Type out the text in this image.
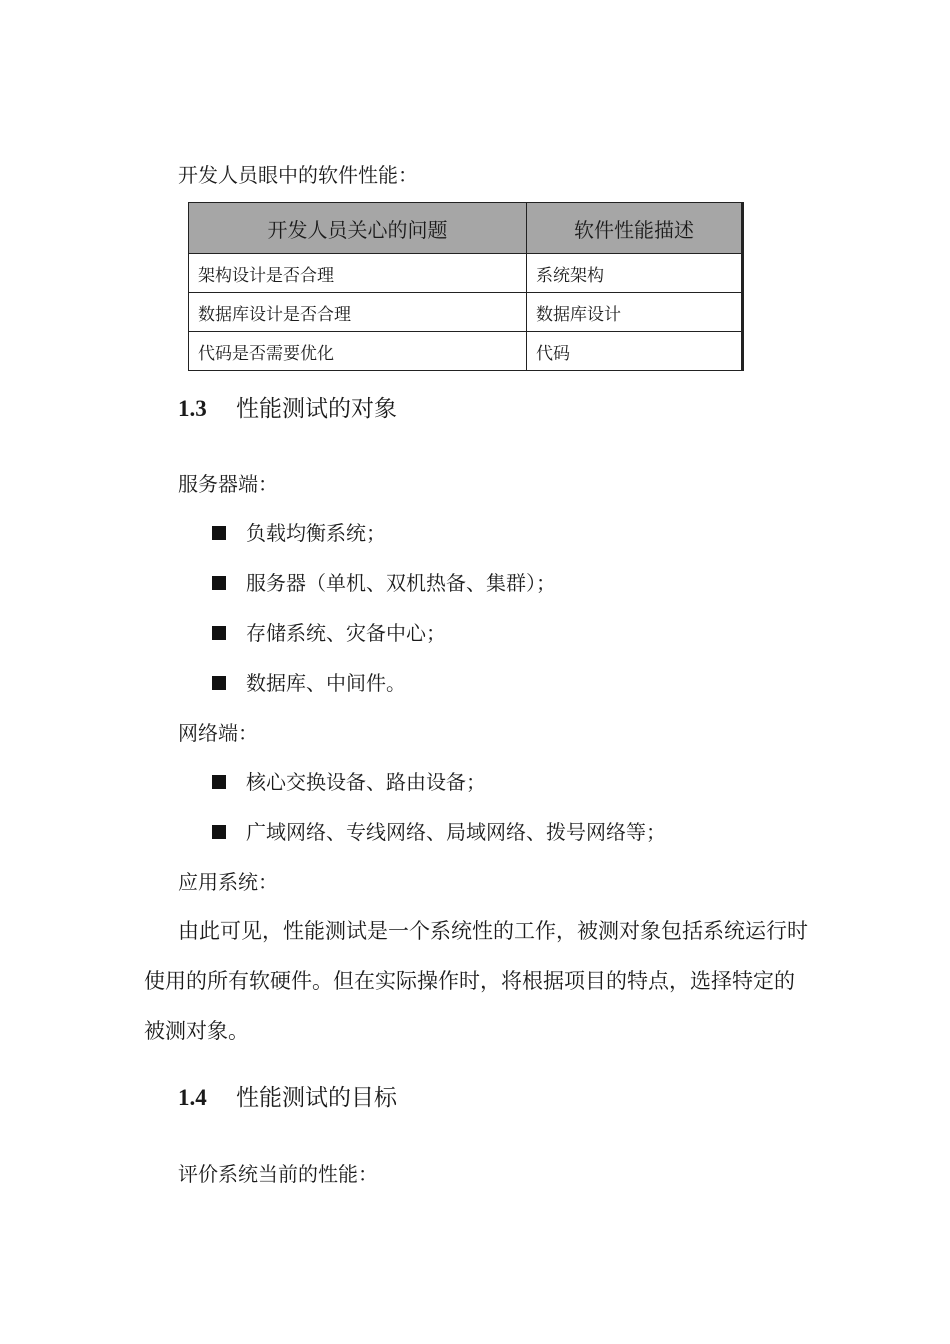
开发人员眼中的软件性能：
开发人员关心的问题	软件性能描述
架构设计是否合理	系统架构
数据库设计是否合理	数据库设计
代码是否需要优化	代码
1.3 性能测试的对象
服务器端：
负载均衡系统；
服务器（单机、双机热备、集群）；
存储系统、灾备中心；
数据库、中间件。
网络端：
核心交换设备、路由设备；
广域网络、专线网络、局域网络、拨号网络等；
应用系统：
由此可见，性能测试是一个系统性的工作，被测对象包括系统运行时使用的所有软硬件。但在实际操作时，将根据项目的特点，选择特定的被测对象。
1.4 性能测试的目标
评价系统当前的性能：
